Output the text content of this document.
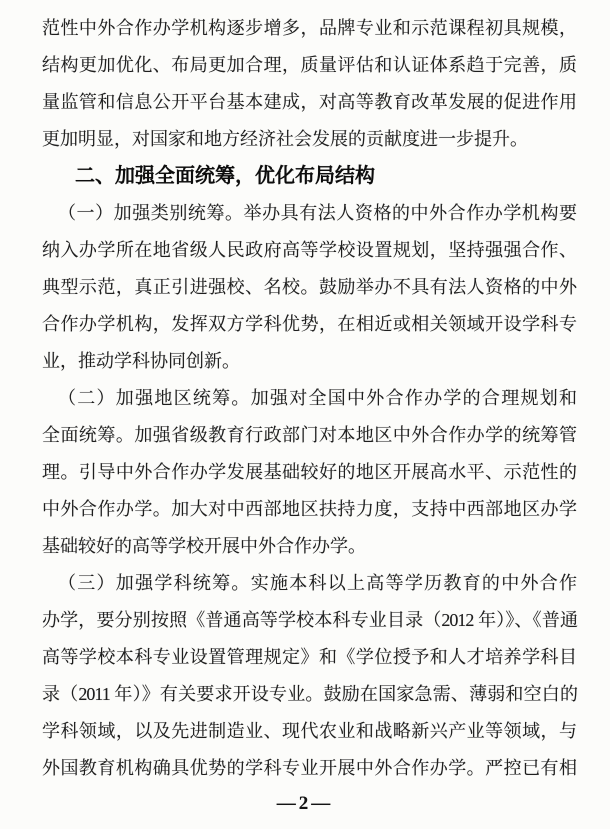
范性中外合作办学机构逐步增多，品牌专业和示范课程初具规模，

结构更加优化、布局更加合理，质量评估和认证体系趋于完善，质

量监管和信息公开平台基本建成，对高等教育改革发展的促进作用

更加明显，对国家和地方经济社会发展的贡献度进一步提升。

二、加强全面统筹，优化布局结构

（一）加强类别统筹。举办具有法人资格的中外合作办学机构要

纳入办学所在地省级人民政府高等学校设置规划，坚持强强合作、

典型示范，真正引进强校、名校。鼓励举办不具有法人资格的中外

合作办学机构，发挥双方学科优势，在相近或相关领域开设学科专

业，推动学科协同创新。

（二）加强地区统筹。加强对全国中外合作办学的合理规划和

全面统筹。加强省级教育行政部门对本地区中外合作办学的统筹管

理。引导中外合作办学发展基础较好的地区开展高水平、示范性的

中外合作办学。加大对中西部地区扶持力度，支持中西部地区办学

基础较好的高等学校开展中外合作办学。

（三）加强学科统筹。实施本科以上高等学历教育的中外合作

办学，要分别按照《普通高等学校本科专业目录（2012 年）》、《普通

高等学校本科专业设置管理规定》和《学位授予和人才培养学科目

录（2011 年）》有关要求开设专业。鼓励在国家急需、薄弱和空白的

学科领域，以及先进制造业、现代农业和战略新兴产业等领域，与

外国教育机构确具优势的学科专业开展中外合作办学。严控已有相

—2—
